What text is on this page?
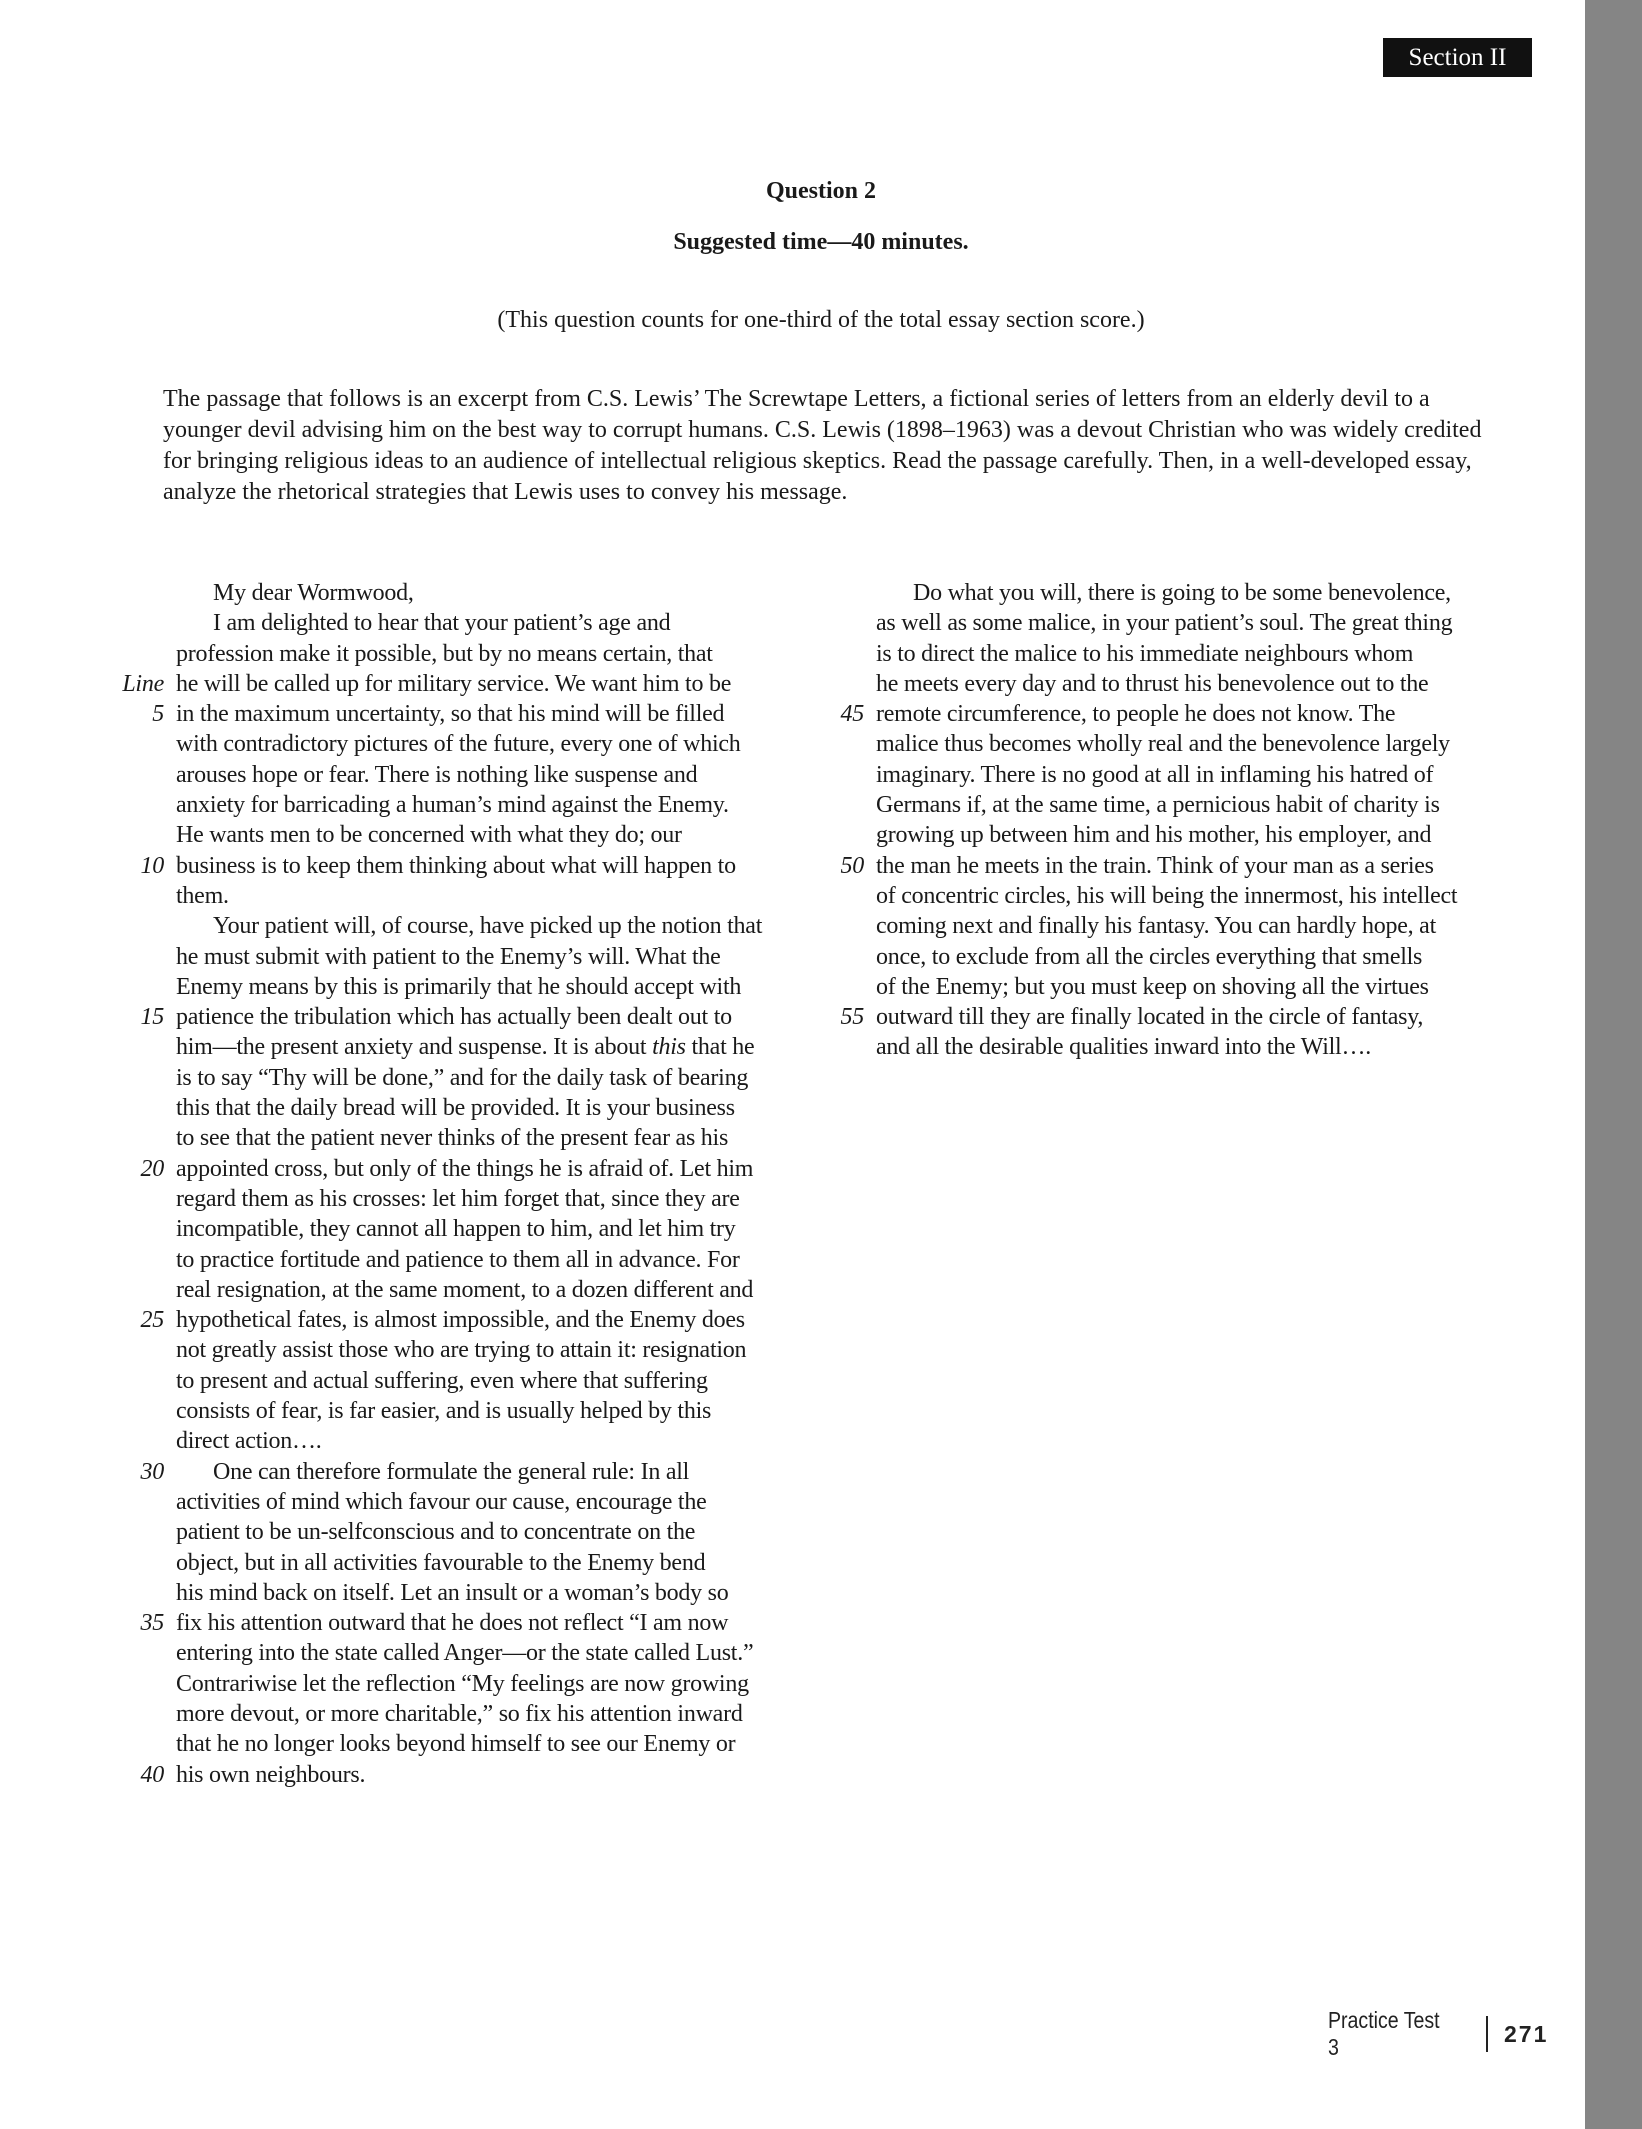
Section II
Question 2
Suggested time—40 minutes.
(This question counts for one-third of the total essay section score.)
The passage that follows is an excerpt from C.S. Lewis’ The Screwtape Letters, a fictional series of letters from an elderly devil to a younger devil advising him on the best way to corrupt humans. C.S. Lewis (1898–1963) was a devout Christian who was widely credited for bringing religious ideas to an audience of intellectual religious skeptics. Read the passage carefully. Then, in a well-developed essay, analyze the rhetorical strategies that Lewis uses to convey his message.
My dear Wormwood,
I am delighted to hear that your patient’s age and
profession make it possible, but by no means certain, that
Line he will be called up for military service. We want him to be
5 in the maximum uncertainty, so that his mind will be filled
with contradictory pictures of the future, every one of which
arouses hope or fear. There is nothing like suspense and
anxiety for barricading a human’s mind against the Enemy.
He wants men to be concerned with what they do; our
10 business is to keep them thinking about what will happen to
them.
Your patient will, of course, have picked up the notion that
he must submit with patient to the Enemy’s will. What the
Enemy means by this is primarily that he should accept with
15 patience the tribulation which has actually been dealt out to
him—the present anxiety and suspense. It is about this that he
is to say “Thy will be done,” and for the daily task of bearing
this that the daily bread will be provided. It is your business
to see that the patient never thinks of the present fear as his
20 appointed cross, but only of the things he is afraid of. Let him
regard them as his crosses: let him forget that, since they are
incompatible, they cannot all happen to him, and let him try
to practice fortitude and patience to them all in advance. For
real resignation, at the same moment, to a dozen different and
25 hypothetical fates, is almost impossible, and the Enemy does
not greatly assist those who are trying to attain it: resignation
to present and actual suffering, even where that suffering
consists of fear, is far easier, and is usually helped by this
direct action….
30	One can therefore formulate the general rule: In all
activities of mind which favour our cause, encourage the
patient to be un-selfconscious and to concentrate on the
object, but in all activities favourable to the Enemy bend
his mind back on itself. Let an insult or a woman’s body so
35 fix his attention outward that he does not reflect “I am now
entering into the state called Anger—or the state called Lust.”
Contrariwise let the reflection “My feelings are now growing
more devout, or more charitable,” so fix his attention inward
that he no longer looks beyond himself to see our Enemy or
40 his own neighbours.
Do what you will, there is going to be some benevolence,
as well as some malice, in your patient’s soul. The great thing
is to direct the malice to his immediate neighbours whom
he meets every day and to thrust his benevolence out to the
45 remote circumference, to people he does not know. The
malice thus becomes wholly real and the benevolence largely
imaginary. There is no good at all in inflaming his hatred of
Germans if, at the same time, a pernicious habit of charity is
growing up between him and his mother, his employer, and
50 the man he meets in the train. Think of your man as a series
of concentric circles, his will being the innermost, his intellect
coming next and finally his fantasy. You can hardly hope, at
once, to exclude from all the circles everything that smells
of the Enemy; but you must keep on shoving all the virtues
55 outward till they are finally located in the circle of fantasy,
and all the desirable qualities inward into the Will….
Practice Test 3
271
